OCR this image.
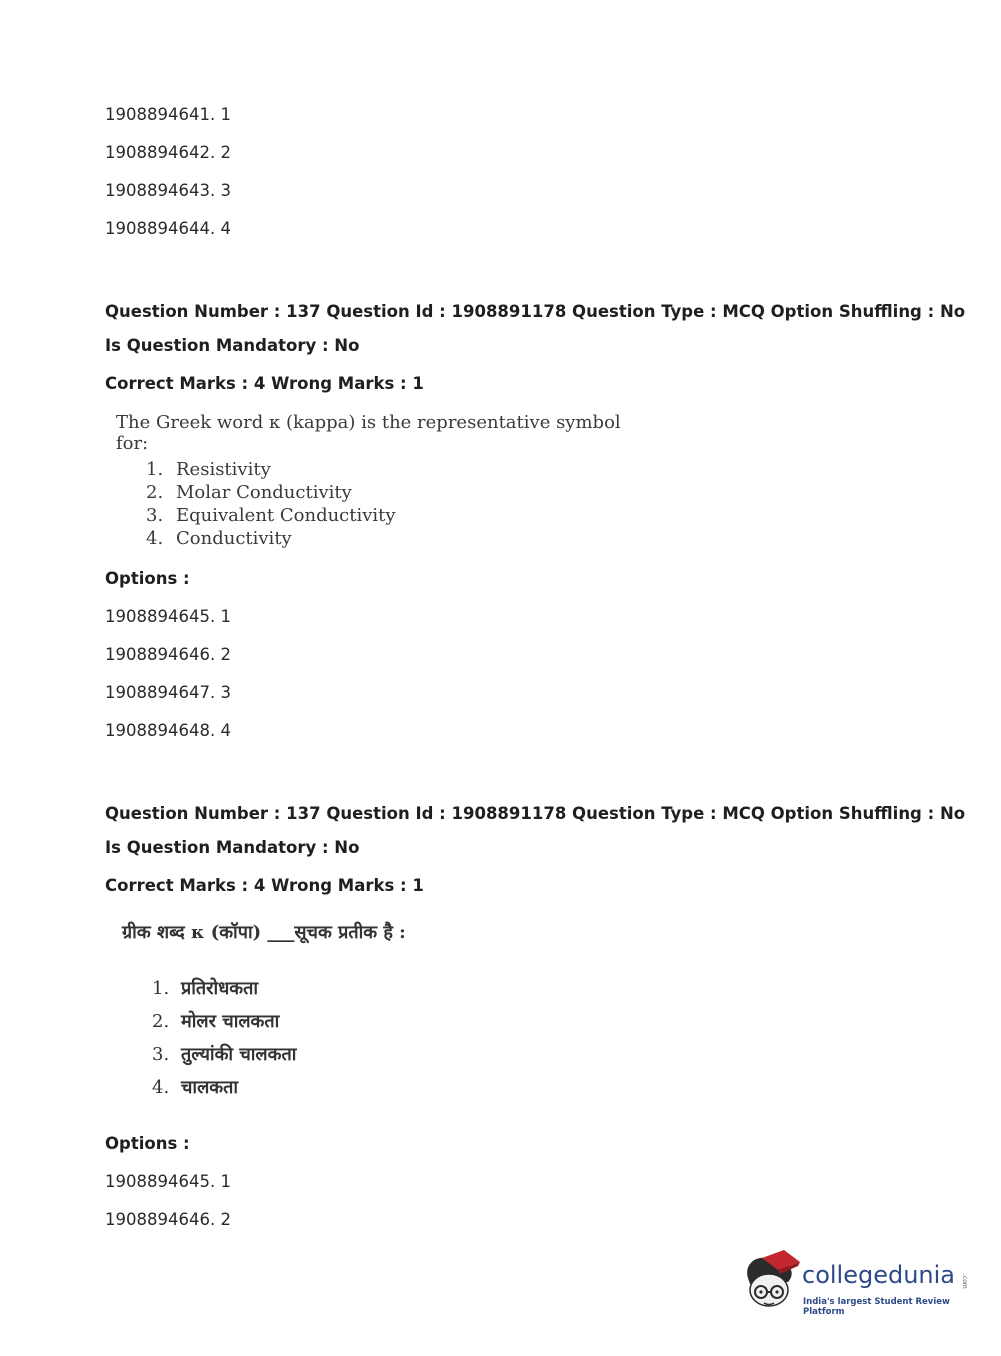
1908894641. 1
1908894642. 2
1908894643. 3
1908894644. 4
Question Number : 137 Question Id : 1908891178 Question Type : MCQ Option Shuffling : No
Is Question Mandatory : No
Correct Marks : 4 Wrong Marks : 1
The Greek word κ (kappa) is the representative symbol for:
1. Resistivity
2. Molar Conductivity
3. Equivalent Conductivity
4. Conductivity
Options :
1908894645. 1
1908894646. 2
1908894647. 3
1908894648. 4
Question Number : 137 Question Id : 1908891178 Question Type : MCQ Option Shuffling : No
Is Question Mandatory : No
Correct Marks : 4 Wrong Marks : 1
ग्रीक शब्द κ (कॉपा) ___सूचक प्रतीक है :
1. प्रतिरोधकता
2. मोलर चालकता
3. तुल्यांकी चालकता
4. चालकता
Options :
1908894645. 1
1908894646. 2
collegedunia .com
India's largest Student Review Platform
